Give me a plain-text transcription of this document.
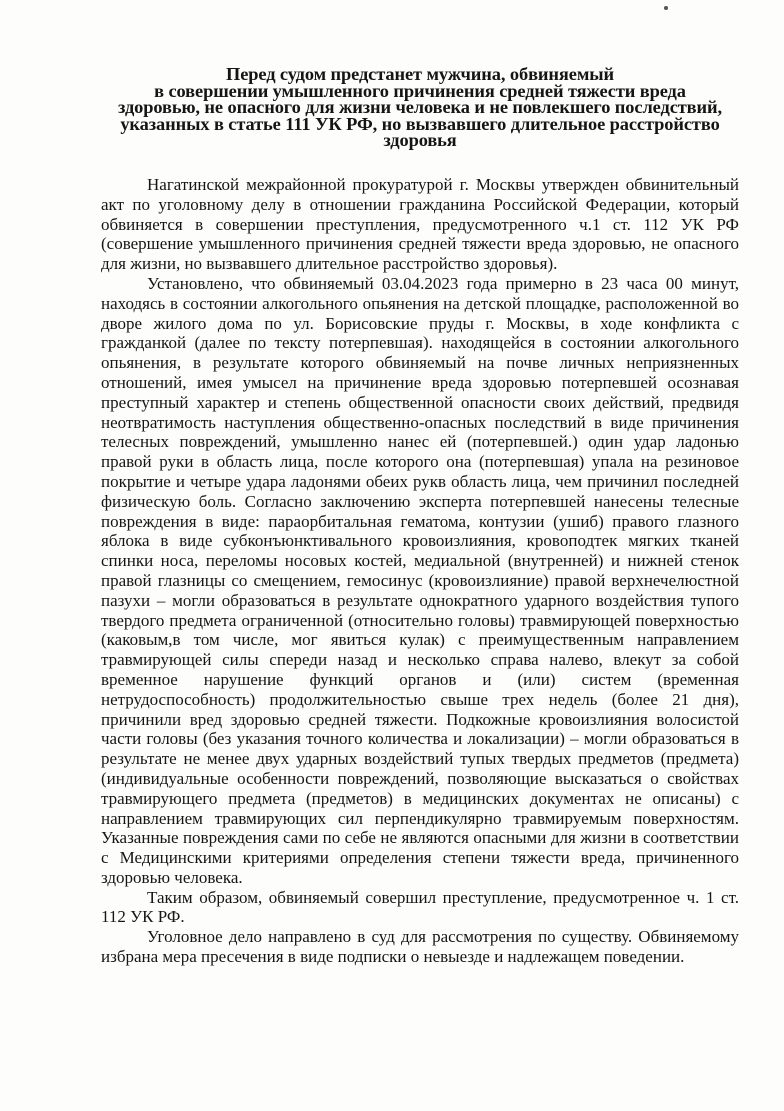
Перед судом предстанет мужчина, обвиняемый
в совершении умышленного причинения средней тяжести вреда
здоровью, не опасного для жизни человека и не повлекшего последствий,
указанных в статье 111 УК РФ, но вызвавшего длительное расстройство
здоровья

Нагатинской межрайонной прокуратурой г. Москвы утвержден обвинительный акт по уголовному делу в отношении гражданина Российской Федерации, который обвиняется в совершении преступления, предусмотренного ч.1 ст. 112 УК РФ (совершение умышленного причинения средней тяжести вреда здоровью, не опасного для жизни, но вызвавшего длительное расстройство здоровья).

Установлено, что обвиняемый 03.04.2023 года примерно в 23 часа 00 минут, находясь в состоянии алкогольного опьянения на детской площадке, расположенной во дворе жилого дома по ул. Борисовские пруды г. Москвы, в ходе конфликта с гражданкой (далее по тексту потерпевшая). находящейся в состоянии алкогольного опьянения, в результате которого обвиняемый на почве личных неприязненных отношений, имея умысел на причинение вреда здоровью потерпевшей осознавая преступный характер и степень общественной опасности своих действий, предвидя неотвратимость наступления общественно-опасных последствий в виде причинения телесных повреждений, умышленно нанес ей (потерпевшей.) один удар ладонью правой руки в область лица, после которого она (потерпевшая) упала на резиновое покрытие и четыре удара ладонями обеих рукв область лица, чем причинил последней физическую боль. Согласно заключению эксперта потерпевшей нанесены телесные повреждения в виде: параорбитальная гематома, контузии (ушиб) правого глазного яблока в виде субконъюнктивального кровоизлияния, кровоподтек мягких тканей спинки носа, переломы носовых костей, медиальной (внутренней) и нижней стенок правой глазницы со смещением, гемосинус (кровоизлияние) правой верхнечелюстной пазухи – могли образоваться в результате однократного ударного воздействия тупого твердого предмета ограниченной (относительно головы) травмирующей поверхностью (каковым,в том числе, мог явиться кулак) с преимущественным направлением травмирующей силы спереди назад и несколько справа налево, влекут за собой временное нарушение функций органов и (или) систем (временная нетрудоспособность) продолжительностью свыше трех недель (более 21 дня), причинили вред здоровью средней тяжести. Подкожные кровоизлияния волосистой части головы (без указания точного количества и локализации) – могли образоваться в результате не менее двух ударных воздействий тупых твердых предметов (предмета) (индивидуальные особенности повреждений, позволяющие высказаться о свойствах травмирующего предмета (предметов) в медицинских документах не описаны) с направлением травмирующих сил перпендикулярно травмируемым поверхностям. Указанные повреждения сами по себе не являются опасными для жизни в соответствии с Медицинскими критериями определения степени тяжести вреда, причиненного здоровью человека.

Таким образом, обвиняемый совершил преступление, предусмотренное ч. 1 ст. 112 УК РФ.

Уголовное дело направлено в суд для рассмотрения по существу. Обвиняемому избрана мера пресечения в виде подписки о невыезде и надлежащем поведении.
